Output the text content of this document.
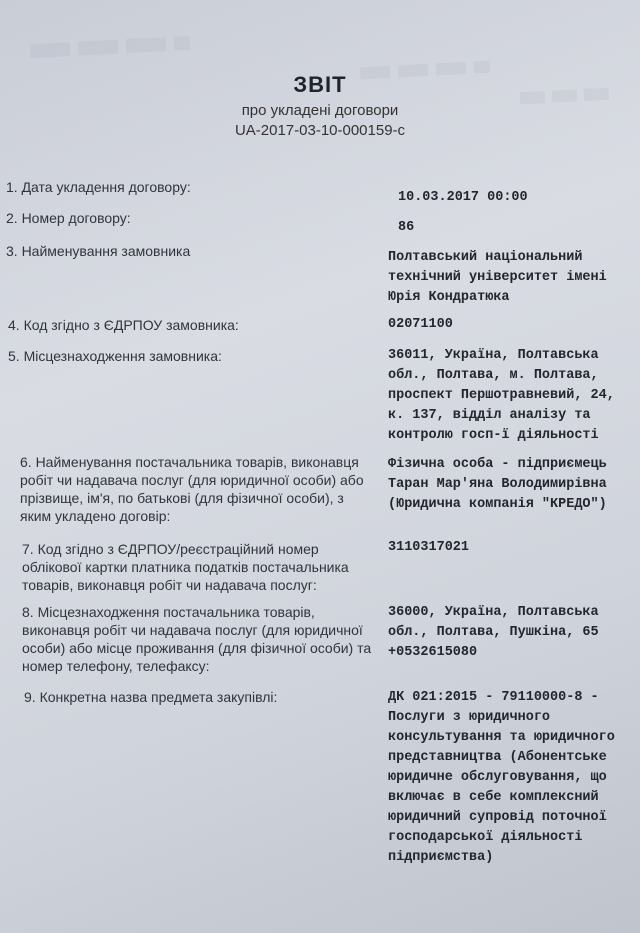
ЗВІТ
про укладені договори
UA-2017-03-10-000159-с
1. Дата укладення договору:
10.03.2017 00:00
2. Номер договору:
86
3. Найменування замовника	Полтавський національний
технічний університет імені
Юрія Кондратюка
4. Код згідно з ЄДРПОУ замовника:	02071100
5. Місцезнаходження замовника:	36011, Україна, Полтавська
обл., Полтава, м. Полтава,
проспект Першотравневий, 24,
к. 137, відділ аналізу та
контролю госп-ї діяльності
6. Найменування постачальника товарів, виконавця
робіт чи надавача послуг (для юридичної особи) або
прізвище, ім'я, по батькові (для фізичної особи), з
яким укладено договір:
Фізична особа - підприємець
Таран Мар'яна Володимирівна
(Юридична компанія "КРЕДО")
7. Код згідно з ЄДРПОУ/реєстраційний номер
облікової картки платника податків постачальника
товарів, виконавця робіт чи надавача послуг:
3110317021
8. Місцезнаходження постачальника товарів,
виконавця робіт чи надавача послуг (для юридичної
особи) або місце проживання (для фізичної особи) та
номер телефону, телефаксу:
36000, Україна, Полтавська
обл., Полтава, Пушкіна, 65
+0532615080
9. Конкретна назва предмета закупівлі:	ДК 021:2015 - 79110000-8 -
Послуги з юридичного
консультування та юридичного
представництва (Абонентське
юридичне обслуговування, що
включає в себе комплексний
юридичний супровід поточної
господарської діяльності
підприємства)
